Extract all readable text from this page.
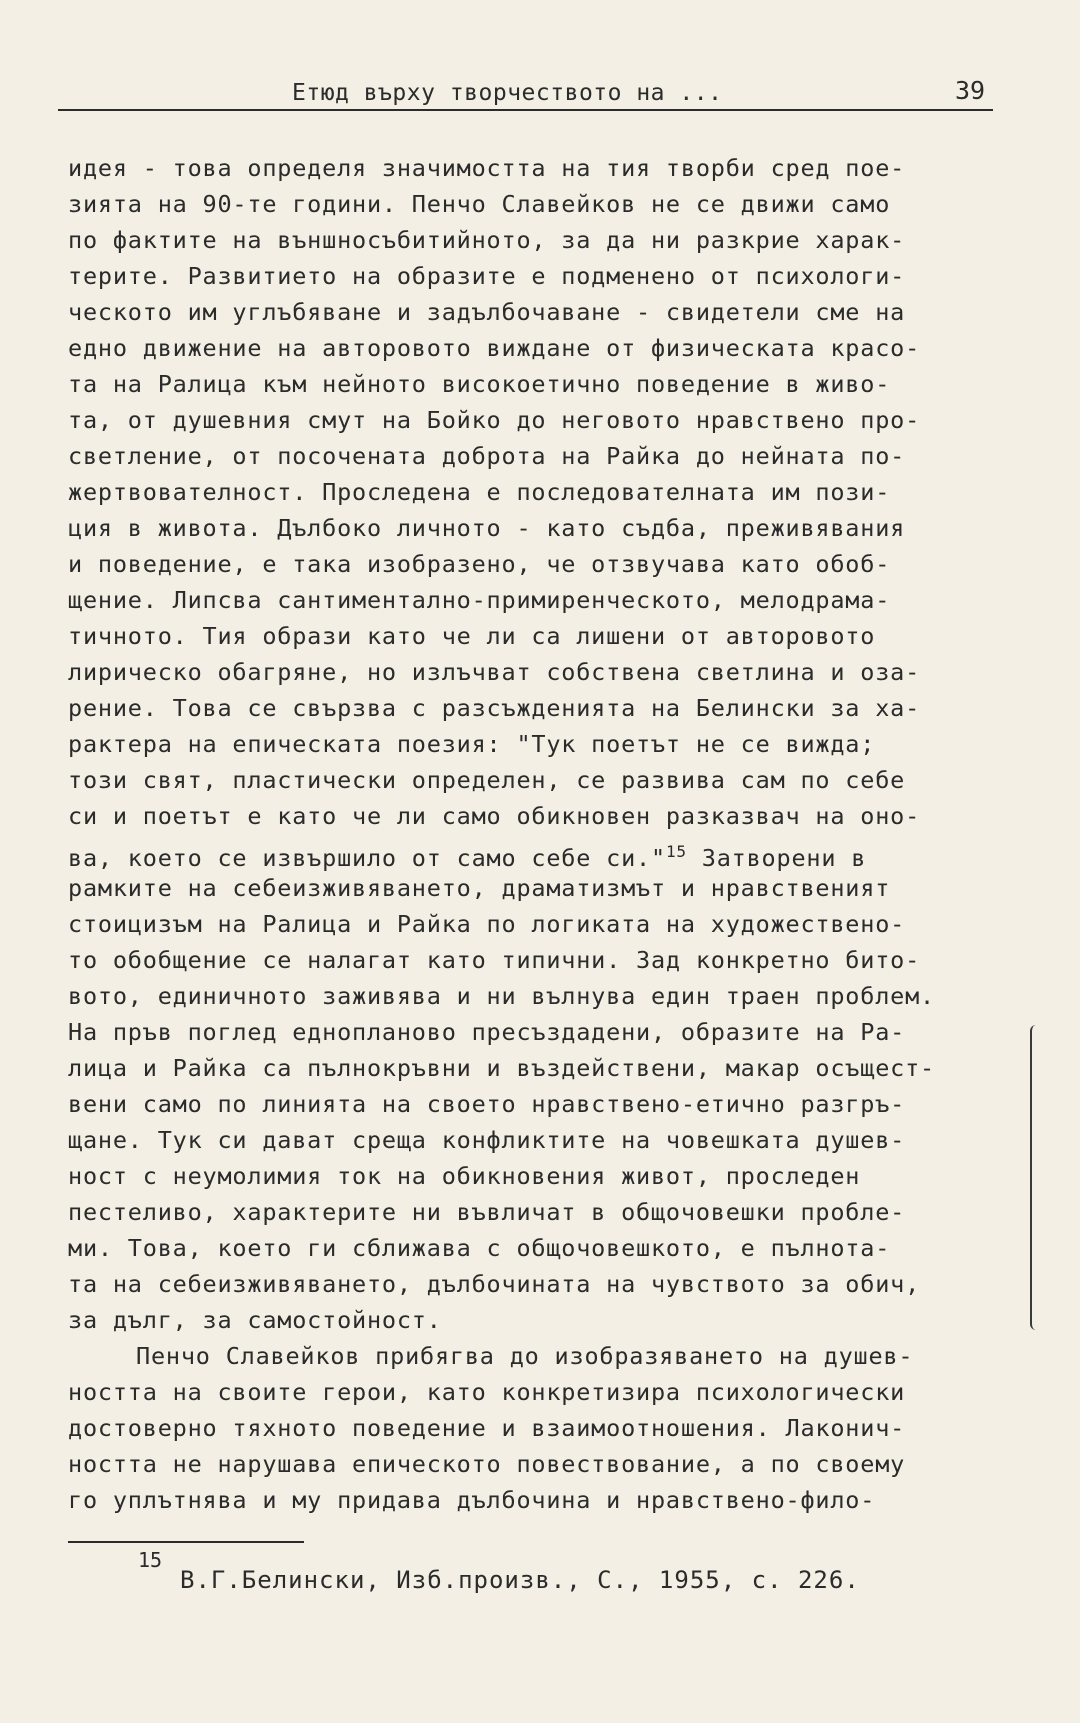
Етюд върху творчеството на ...	39
идея - това определя значимостта на тия творби сред пое-
зията на 90-те години. Пенчо Славейков не се движи само
по фактите на външносъбитийното, за да ни разкрие харак-
терите. Развитието на образите е подменено от психологи-
ческото им углъбяване и задълбочаване - свидетели сме на
едно движение на авторовото виждане от физическата красо-
та на Ралица към нейното високоетично поведение в живо-
та, от душевния смут на Бойко до неговото нравствено про-
светление, от посочената доброта на Райка до нейната по-
жертвователност. Проследена е последователната им пози-
ция в живота. Дълбоко личното - като съдба, преживявания
и поведение, е така изобразено, че отзвучава като обоб-
щение. Липсва сантиментално-примиренческото, мелодрама-
тичното. Тия образи като че ли са лишени от авторовото
лирическо обагряне, но излъчват собствена светлина и оза-
рение. Това се свързва с разсъжденията на Белински за ха-
рактера на епическата поезия: "Тук поетът не се вижда;
този свят, пластически определен, се развива сам по себе
си и поетът е като че ли само обикновен разказвач на оно-
ва, което се извършило от само себе си."$^{15}$ Затворени в
рамките на себеизживяването, драматизмът и нравственият
стоицизъм на Ралица и Райка по логиката на художествено-
то обобщение се налагат като типични. Зад конкретно бито-
вото, единичното заживява и ни вълнува един траен проблем.
На пръв поглед еднопланово пресъздадени, образите на Ра-
лица и Райка са пълнокръвни и въздействени, макар осъщест-
вени само по линията на своето нравствено-етично разгръ-
щане. Тук си дават среща конфликтите на човешката душев-
ност с неумолимия ток на обикновения живот, проследен
пестеливо, характерите ни въвличат в общочовешки пробле-
ми. Това, което ги сближава с общочовешкото, е пълнота-
та на себеизживяването, дълбочината на чувството за обич,
за дълг, за самостойност.
Пенчо Славейков прибягва до изобразяването на душев-
ността на своите герои, като конкретизира психологически
достоверно тяхното поведение и взаимоотношения. Лаконич-
ността не нарушава епическото повествование, а по своему
го уплътнява и му придава дълбочина и нравствено-фило-
15
В.Г.Белински, Изб.произв., С., 1955, с. 226.
